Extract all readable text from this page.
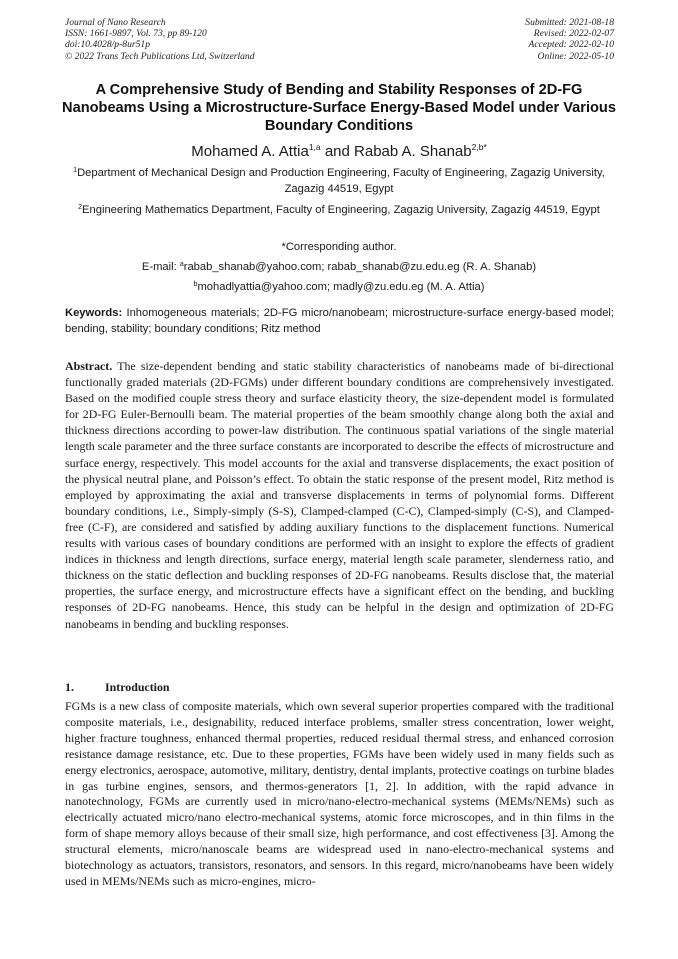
Journal of Nano Research
ISSN: 1661-9897, Vol. 73, pp 89-120
doi:10.4028/p-8ur51p
© 2022 Trans Tech Publications Ltd, Switzerland
Submitted: 2021-08-18
Revised: 2022-02-07
Accepted: 2022-02-10
Online: 2022-05-10
A Comprehensive Study of Bending and Stability Responses of 2D-FG Nanobeams Using a Microstructure-Surface Energy-Based Model under Various Boundary Conditions
Mohamed A. Attia$^{1,a}$ and Rabab A. Shanab$^{2,b*}$
$^1$Department of Mechanical Design and Production Engineering, Faculty of Engineering, Zagazig University, Zagazig 44519, Egypt
$^2$Engineering Mathematics Department, Faculty of Engineering, Zagazig University, Zagazig 44519, Egypt
*Corresponding author.
E-mail: $^a$rabab_shanab@yahoo.com; rabab_shanab@zu.edu.eg (R. A. Shanab)
$^b$mohadlyattia@yahoo.com; madly@zu.edu.eg (M. A. Attia)
Keywords: Inhomogeneous materials; 2D-FG micro/nanobeam; microstructure-surface energy-based model; bending, stability; boundary conditions; Ritz method
Abstract. The size-dependent bending and static stability characteristics of nanobeams made of bi-directional functionally graded materials (2D-FGMs) under different boundary conditions are comprehensively investigated. Based on the modified couple stress theory and surface elasticity theory, the size-dependent model is formulated for 2D-FG Euler-Bernoulli beam. The material properties of the beam smoothly change along both the axial and thickness directions according to power-law distribution. The continuous spatial variations of the single material length scale parameter and the three surface constants are incorporated to describe the effects of microstructure and surface energy, respectively. This model accounts for the axial and transverse displacements, the exact position of the physical neutral plane, and Poisson’s effect. To obtain the static response of the present model, Ritz method is employed by approximating the axial and transverse displacements in terms of polynomial forms. Different boundary conditions, i.e., Simply-simply (S-S), Clamped-clamped (C-C), Clamped-simply (C-S), and Clamped-free (C-F), are considered and satisfied by adding auxiliary functions to the displacement functions. Numerical results with various cases of boundary conditions are performed with an insight to explore the effects of gradient indices in thickness and length directions, surface energy, material length scale parameter, slenderness ratio, and thickness on the static deflection and buckling responses of 2D-FG nanobeams. Results disclose that, the material properties, the surface energy, and microstructure effects have a significant effect on the bending, and buckling responses of 2D-FG nanobeams. Hence, this study can be helpful in the design and optimization of 2D-FG nanobeams in bending and buckling responses.
1.	Introduction
FGMs is a new class of composite materials, which own several superior properties compared with the traditional composite materials, i.e., designability, reduced interface problems, smaller stress concentration, lower weight, higher fracture toughness, enhanced thermal properties, reduced residual thermal stress, and enhanced corrosion resistance damage resistance, etc. Due to these properties, FGMs have been widely used in many fields such as energy electronics, aerospace, automotive, military, dentistry, dental implants, protective coatings on turbine blades in gas turbine engines, sensors, and thermos-generators [1, 2]. In addition, with the rapid advance in nanotechnology, FGMs are currently used in micro/nano-electro-mechanical systems (MEMs/NEMs) such as electrically actuated micro/nano electro-mechanical systems, atomic force microscopes, and in thin films in the form of shape memory alloys because of their small size, high performance, and cost effectiveness [3]. Among the structural elements, micro/nanoscale beams are widespread used in nano-electro-mechanical systems and biotechnology as actuators, transistors, resonators, and sensors. In this regard, micro/nanobeams have been widely used in MEMs/NEMs such as micro-engines, micro-
